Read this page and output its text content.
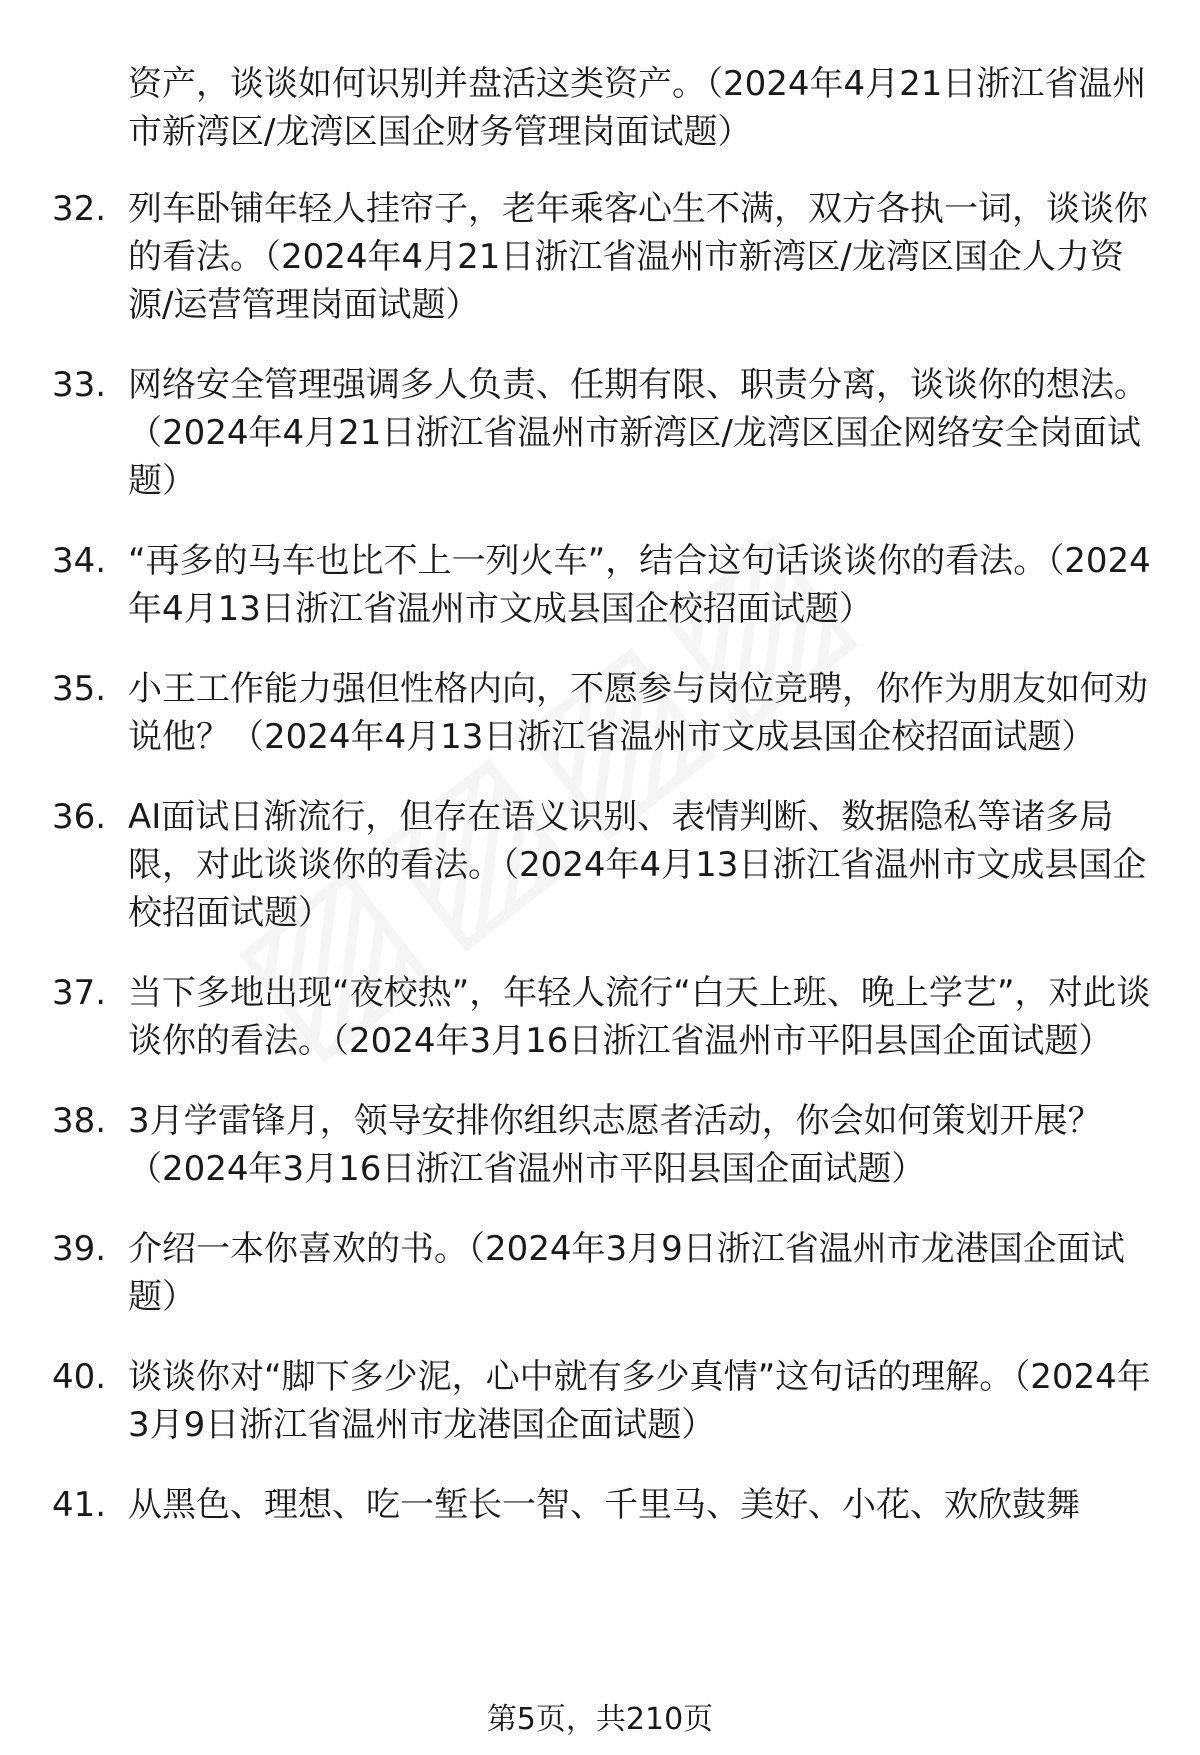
资产，谈谈如何识别并盘活这类资产。（2024年4月21日浙江省温州市新湾区/龙湾区国企财务管理岗面试题）

32. 列车卧铺年轻人挂帘子，老年乘客心生不满，双方各执一词，谈谈你的看法。（2024年4月21日浙江省温州市新湾区/龙湾区国企人力资源/运营管理岗面试题）
33. 网络安全管理强调多人负责、任期有限、职责分离，谈谈你的想法。（2024年4月21日浙江省温州市新湾区/龙湾区国企网络安全岗面试题）
34. “再多的马车也比不上一列火车”，结合这句话谈谈你的看法。（2024年4月13日浙江省温州市文成县国企校招面试题）
35. 小王工作能力强但性格内向，不愿参与岗位竞聘，你作为朋友如何劝说他？（2024年4月13日浙江省温州市文成县国企校招面试题）
36. AI面试日渐流行，但存在语义识别、表情判断、数据隐私等诸多局限，对此谈谈你的看法。（2024年4月13日浙江省温州市文成县国企校招面试题）
37. 当下多地出现“夜校热”，年轻人流行“白天上班、晚上学艺”，对此谈谈你的看法。（2024年3月16日浙江省温州市平阳县国企面试题）
38. 3月学雷锋月，领导安排你组织志愿者活动，你会如何策划开展？（2024年3月16日浙江省温州市平阳县国企面试题）
39. 介绍一本你喜欢的书。（2024年3月9日浙江省温州市龙港国企面试题）
40. 谈谈你对“脚下多少泥，心中就有多少真情”这句话的理解。（2024年3月9日浙江省温州市龙港国企面试题）
41. 从黑色、理想、吃一堑长一智、千里马、美好、小花、欢欣鼓舞
第5页，共210页
